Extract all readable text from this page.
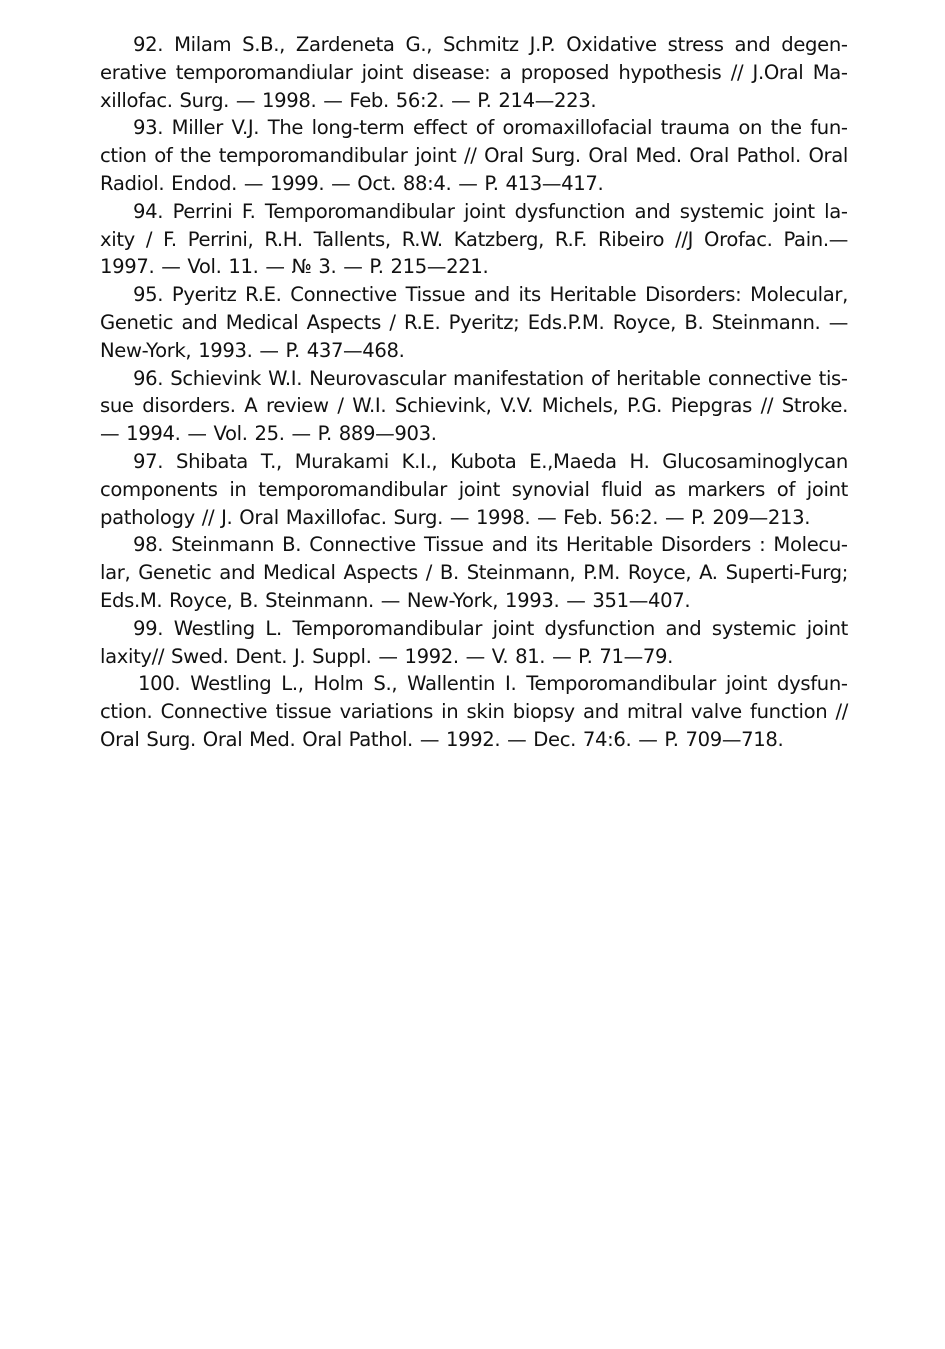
92. Milam S.B., Zardeneta G., Schmitz J.P. Oxidative stress and degenerative temporomandiular joint disease: a proposed hypothesis // J.Oral Maxillofac. Surg. — 1998. — Feb. 56:2. — P. 214—223.

93. Miller V.J. The long-term effect of oromaxillofacial trauma on the function of the temporomandibular joint // Oral Surg. Oral Med. Oral Pathol. Oral Radiol. Endod. — 1999. — Oct. 88:4. — P. 413—417.

94. Perrini F. Temporomandibular joint dysfunction and systemic joint laxity / F. Perrini, R.H. Tallents, R.W. Katzberg, R.F. Ribeiro //J Orofac. Pain.— 1997. — Vol. 11. — № 3. — P. 215—221.

95. Pyeritz R.E. Connective Tissue and its Heritable Disorders: Molecular, Genetic and Medical Aspects / R.E. Pyeritz; Eds.P.M. Royce, B. Steinmann. — New-York, 1993. — P. 437—468.

96. Schievink W.I. Neurovascular manifestation of heritable connective tissue disorders. A review / W.I. Schievink, V.V. Michels, P.G. Piepgras // Stroke. — 1994. — Vol. 25. — P. 889—903.

97. Shibata T., Murakami K.I., Kubota E.,Maeda H. Glucosaminoglycan components in temporomandibular joint synovial fluid as markers of joint pathology // J. Oral Maxillofac. Surg. — 1998. — Feb. 56:2. — P. 209—213.

98. Steinmann B. Connective Tissue and its Heritable Disorders : Molecular, Genetic and Medical Aspects / B. Steinmann, P.M. Royce, A. Superti-Furg; Eds.M. Royce, B. Steinmann. — New-York, 1993. — 351—407.

99. Westling L. Temporomandibular joint dysfunction and systemic joint laxity// Swed. Dent. J. Suppl. — 1992. — V. 81. — P. 71—79.

100. Westling L., Holm S., Wallentin I. Temporomandibular joint dysfunction. Connective tissue variations in skin biopsy and mitral valve function // Oral Surg. Oral Med. Oral Pathol. — 1992. — Dec. 74:6. — P. 709—718.
